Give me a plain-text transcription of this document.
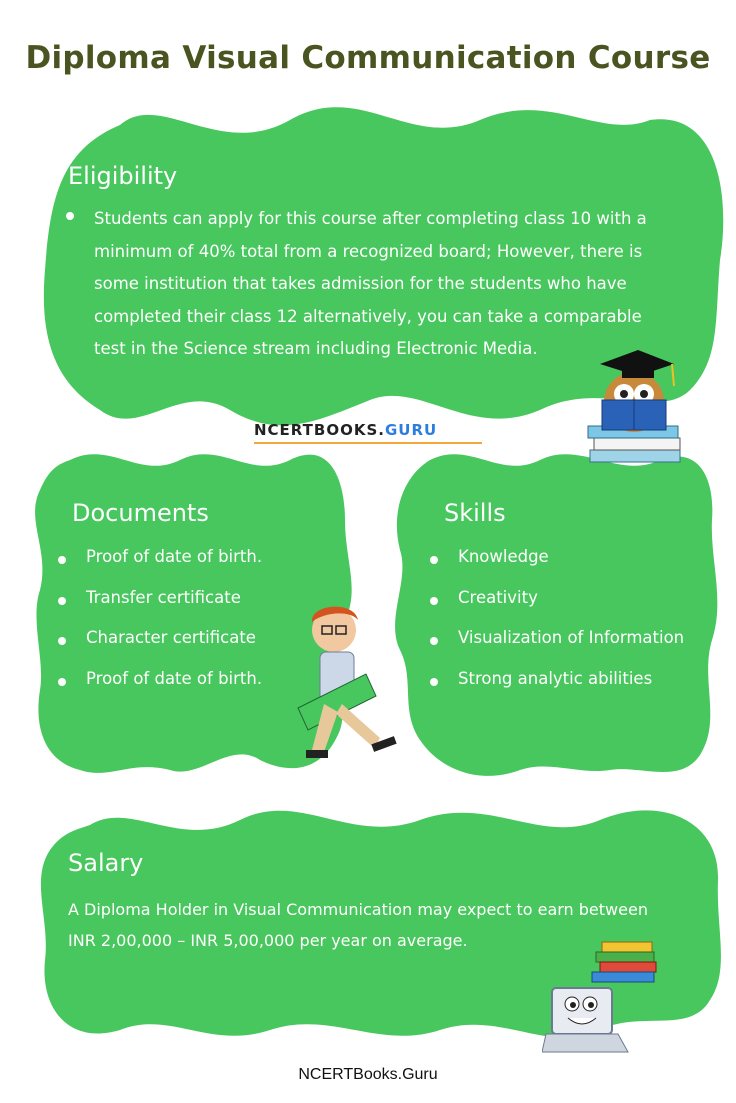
Diploma Visual Communication Course
Eligibility
Students can apply for this course after completing class 10 with a
minimum of 40% total from a recognized board; However, there is
some institution that takes admission for the students who have
completed their class 12 alternatively, you can take a comparable
test in the Science stream including Electronic Media.
NCERTBOOKS.GURU
Documents
Proof of date of birth.
Transfer certificate
Character certificate
Proof of date of birth.
Skills
Knowledge
Creativity
Visualization of Information
Strong analytic abilities
Salary
A Diploma Holder in Visual Communication may expect to earn between
INR 2,00,000 – INR 5,00,000 per year on average.
NCERTBooks.Guru
